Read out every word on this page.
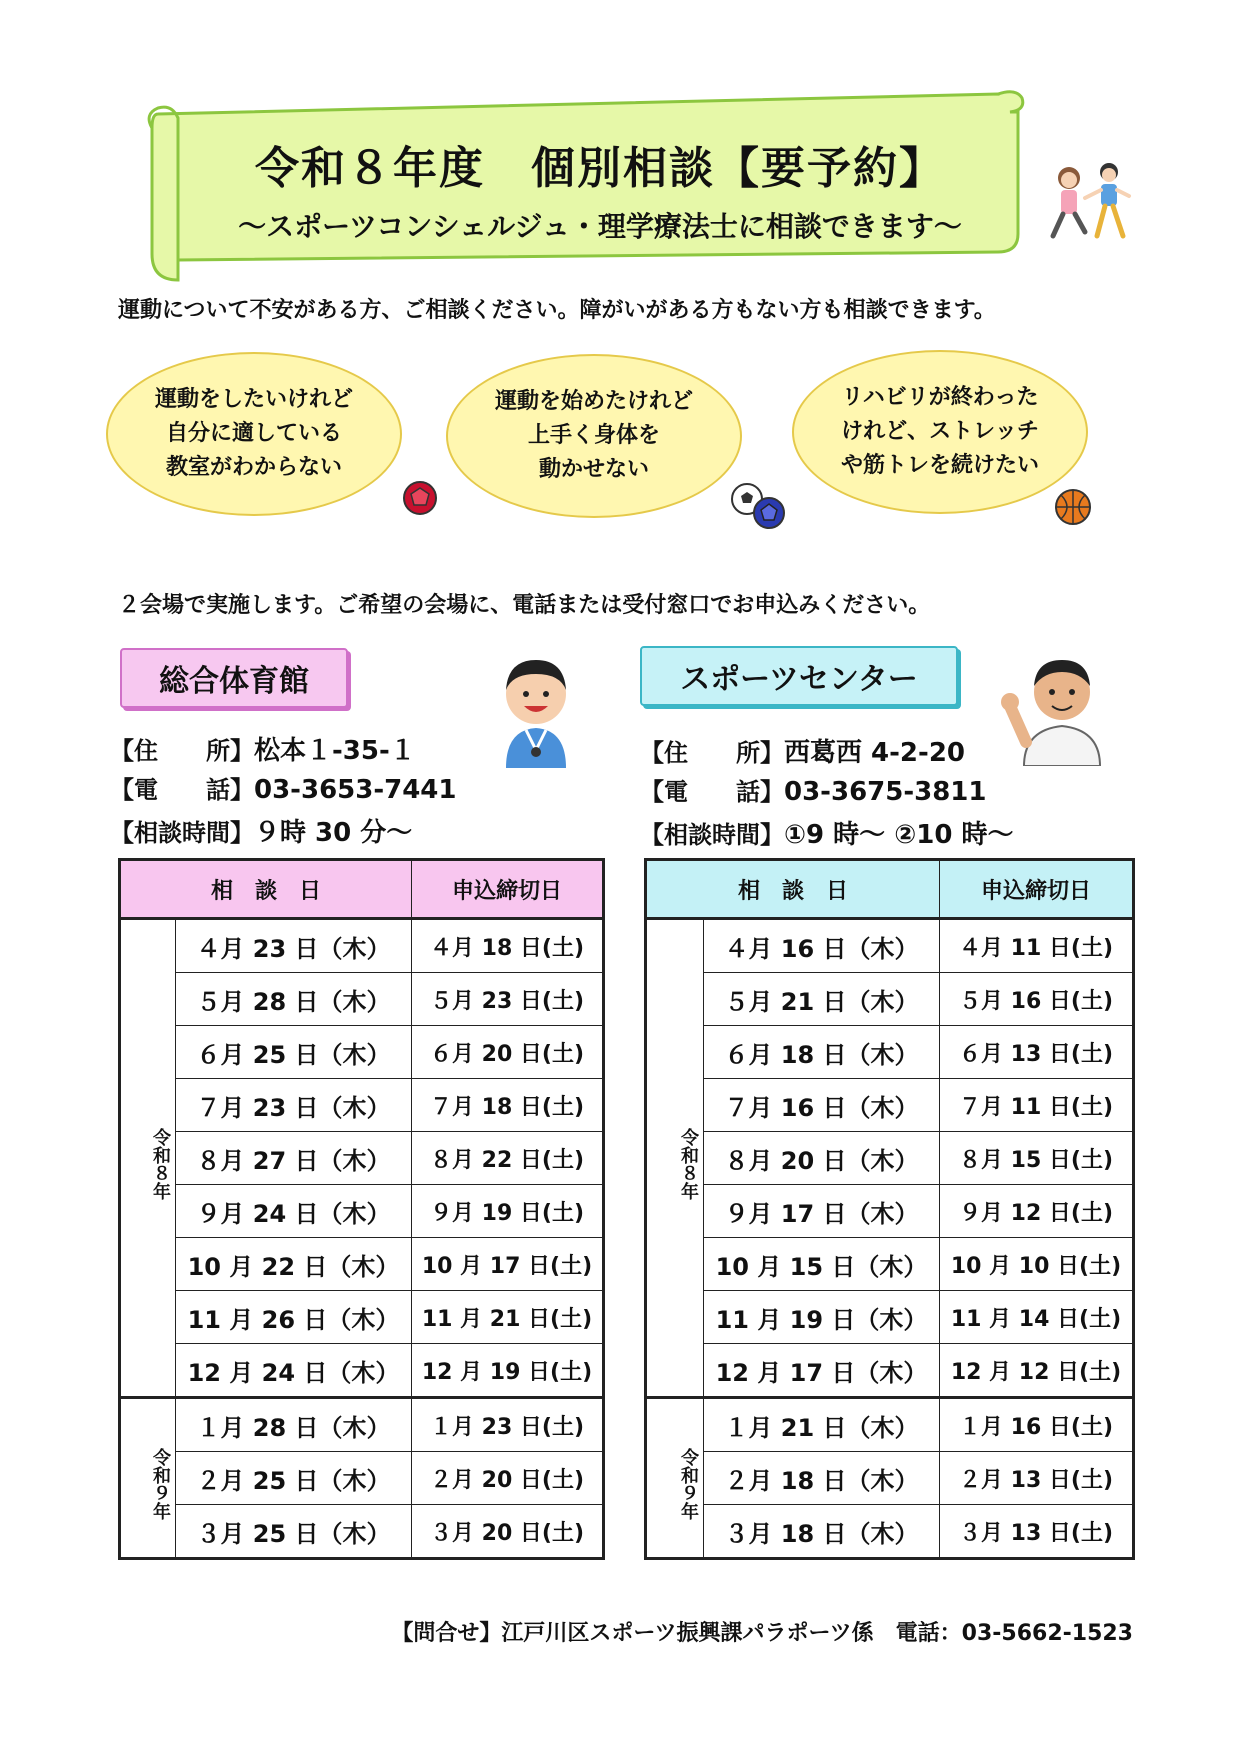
令和８年度　個別相談【要予約】
～スポーツコンシェルジュ・理学療法士に相談できます～
運動について不安がある方、ご相談ください。障がいがある方もない方も相談できます。
運動をしたいけれど
自分に適している
教室がわからない
運動を始めたけれど
上手く身体を
動かせない
リハビリが終わった
けれど、ストレッチ
や筋トレを続けたい
２会場で実施します。ご希望の会場に、電話または受付窓口でお申込みください。
総合体育館
【住　　所】松本１-35-１
【電　　話】03-3653-7441
【相談時間】９時 30 分～
相　談　日		申込締切日
令和８年	４月 23 日（木）	４月 18 日(土)
	５月 28 日（木）	５月 23 日(土)
	６月 25 日（木）	６月 20 日(土)
	７月 23 日（木）	７月 18 日(土)
	８月 27 日（木）	８月 22 日(土)
	９月 24 日（木）	９月 19 日(土)
	10 月 22 日（木）	10 月 17 日(土)
	11 月 26 日（木）	11 月 21 日(土)
	12 月 24 日（木）	12 月 19 日(土)
令和９年	１月 28 日（木）	１月 23 日(土)
	２月 25 日（木）	２月 20 日(土)
	３月 25 日（木）	３月 20 日(土)
スポーツセンター
【住　　所】西葛西 4-2-20
【電　　話】03-3675-3811
【相談時間】①9 時～ ②10 時～
相　談　日		申込締切日
令和８年	４月 16 日（木）	４月 11 日(土)
	５月 21 日（木）	５月 16 日(土)
	６月 18 日（木）	６月 13 日(土)
	７月 16 日（木）	７月 11 日(土)
	８月 20 日（木）	８月 15 日(土)
	９月 17 日（木）	９月 12 日(土)
	10 月 15 日（木）	10 月 10 日(土)
	11 月 19 日（木）	11 月 14 日(土)
	12 月 17 日（木）	12 月 12 日(土)
令和９年	１月 21 日（木）	１月 16 日(土)
	２月 18 日（木）	２月 13 日(土)
	３月 18 日（木）	３月 13 日(土)
【問合せ】江戸川区スポーツ振興課パラポーツ係　電話：03-5662-1523
